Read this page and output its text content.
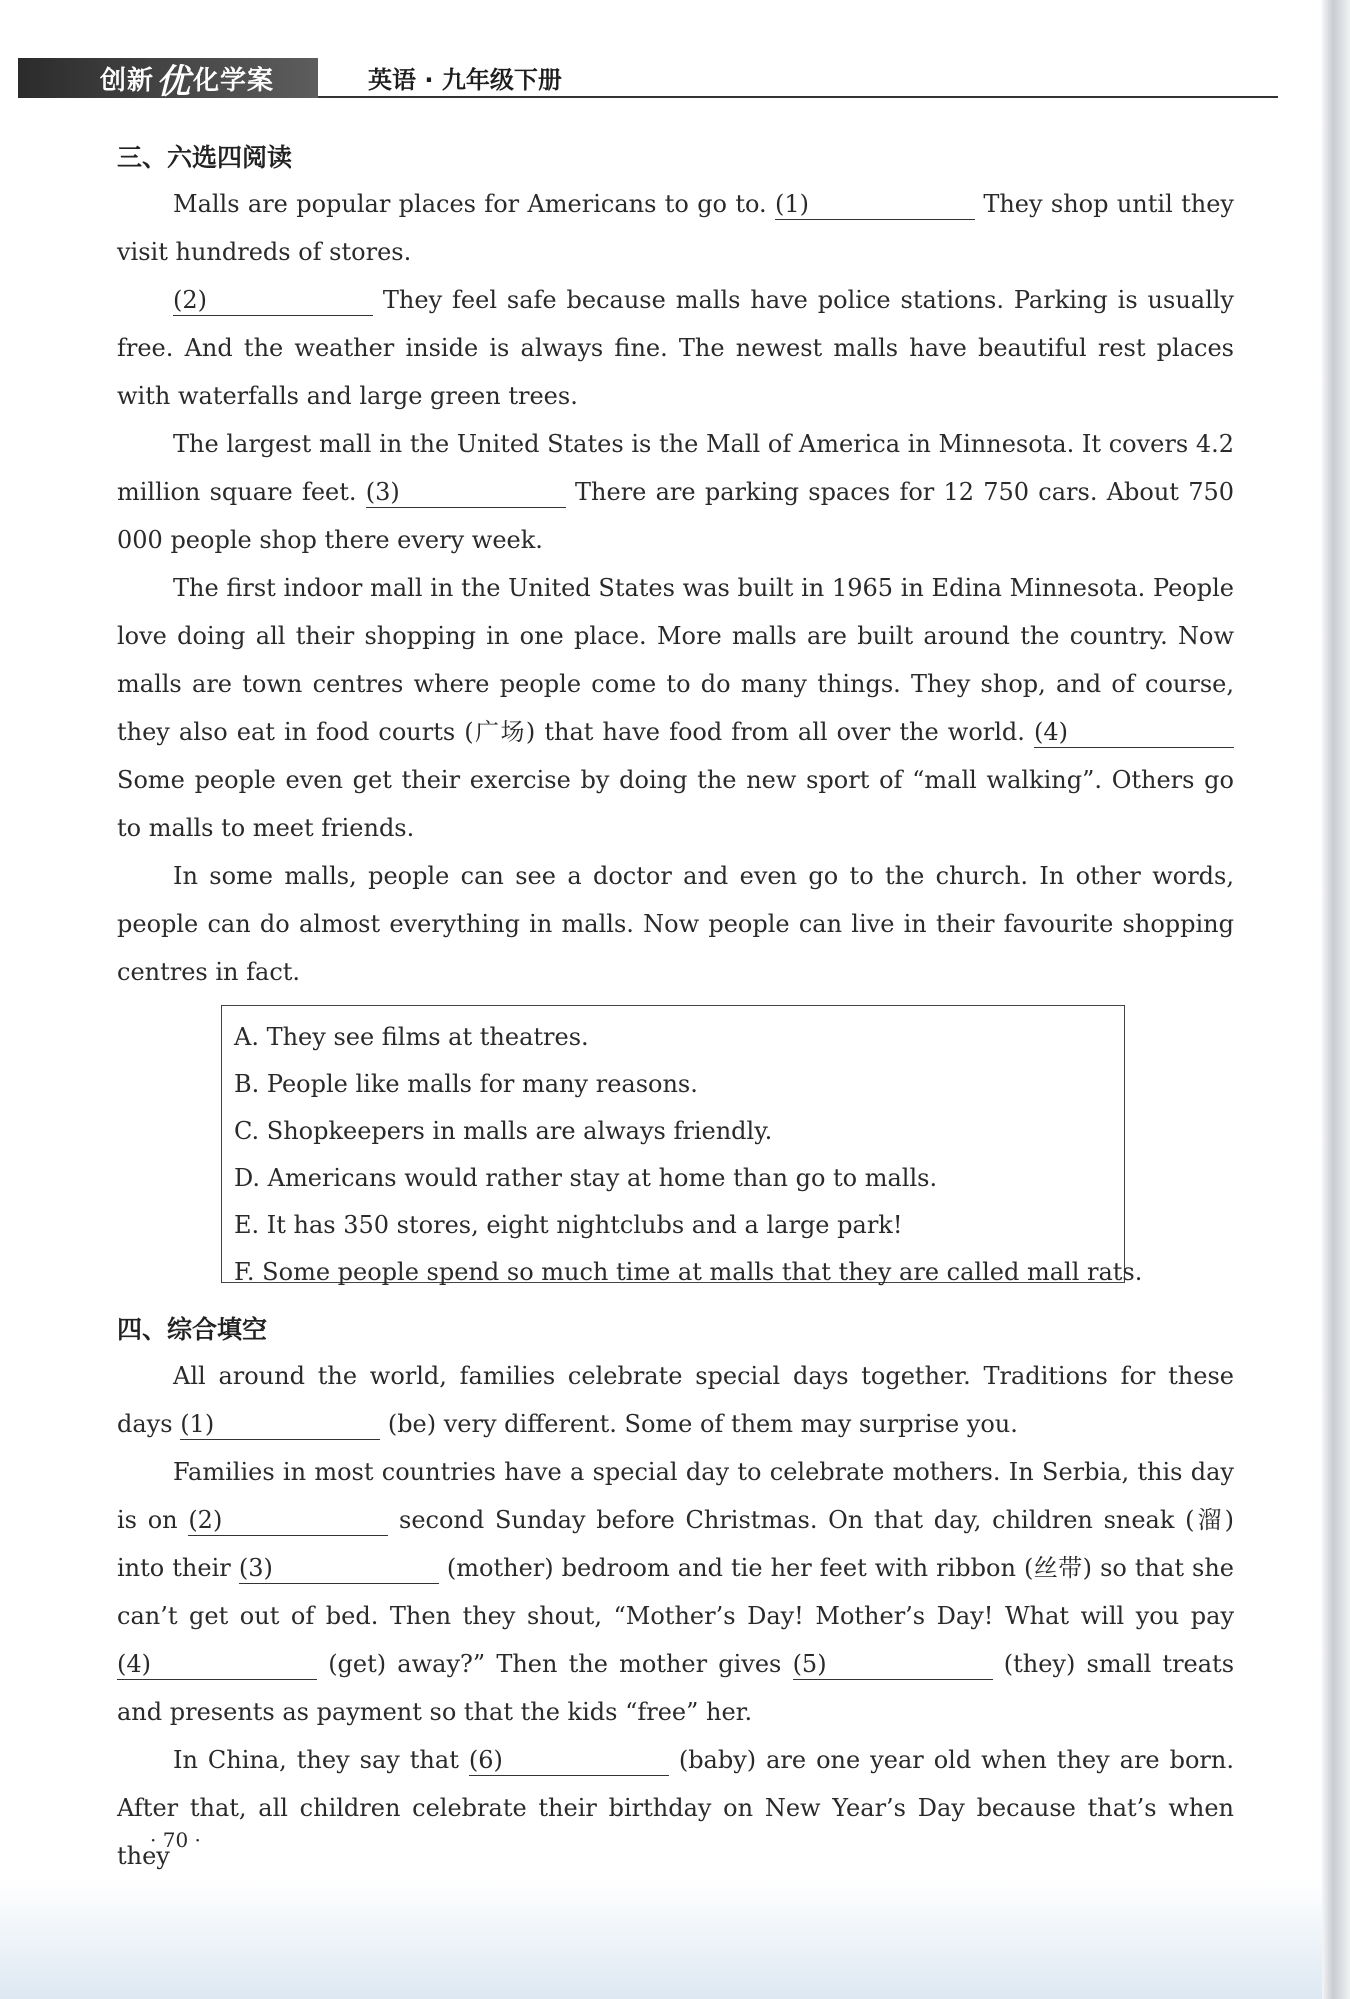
创新 优 化学案	英语 · 九年级下册
三、六选四阅读
Malls are popular places for Americans to go to. (1)	They shop until they visit hundreds of stores.
(2)	They feel safe because malls have police stations. Parking is usually free. And the weather inside is always fine. The newest malls have beautiful rest places with waterfalls and large green trees.
The largest mall in the United States is the Mall of America in Minnesota. It covers 4.2 million square feet. (3)	There are parking spaces for 12 750 cars. About 750 000 people shop there every week.
The first indoor mall in the United States was built in 1965 in Edina Minnesota. People love doing all their shopping in one place. More malls are built around the country. Now malls are town centres where people come to do many things. They shop, and of course, they also eat in food courts (广场) that have food from all over the world. (4) Some people even get their exercise by doing the new sport of “mall walking”. Others go to malls to meet friends.
In some malls, people can see a doctor and even go to the church. In other words, people can do almost everything in malls. Now people can live in their favourite shopping centres in fact.
A. They see films at theatres.
B. People like malls for many reasons.
C. Shopkeepers in malls are always friendly.
D. Americans would rather stay at home than go to malls.
E. It has 350 stores, eight nightclubs and a large park!
F. Some people spend so much time at malls that they are called mall rats.
四、综合填空
All around the world, families celebrate special days together. Traditions for these days (1)	(be) very different. Some of them may surprise you.
Families in most countries have a special day to celebrate mothers. In Serbia, this day is on (2)	second Sunday before Christmas. On that day, children sneak (溜) into their (3)	(mother) bedroom and tie her feet with ribbon (丝带) so that she can’t get out of bed. Then they shout, “Mother’s Day! Mother’s Day! What will you pay (4)	(get) away?” Then the mother gives (5)	(they) small treats and presents as payment so that the kids “free” her.
In China, they say that (6)	(baby) are one year old when they are born. After that, all children celebrate their birthday on New Year’s Day because that’s when they
· 70 ·
